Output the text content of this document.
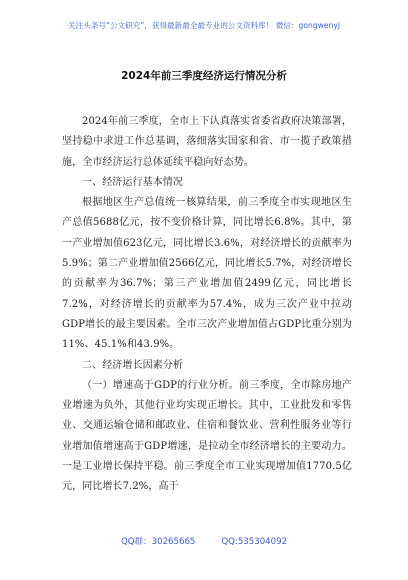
关注头条号“公文研究”，获得最新最全最专业的公文资料库！ 微信：gongwenyj
2024年前三季度经济运行情况分析

2024年前三季度，全市上下认真落实省委省政府决策部署，坚持稳中求进工作总基调，落细落实国家和省、市一揽子政策措施，全市经济运行总体延续平稳向好态势。

一、经济运行基本情况

根据地区生产总值统一核算结果，前三季度全市实现地区生产总值5688亿元，按不变价格计算，同比增长6.8%。其中，第一产业增加值623亿元，同比增长3.6%，对经济增长的贡献率为5.9%；第二产业增加值2566亿元，同比增长5.7%，对经济增长的贡献率为36.7%；第三产业增加值2499亿元，同比增长7.2%，对经济增长的贡献率为57.4%，成为三次产业中拉动GDP增长的最主要因素。全市三次产业增加值占GDP比重分别为11%、45.1%和43.9%。

二、经济增长因素分析

（一）增速高于GDP的行业分析。前三季度，全市除房地产业增速为负外，其他行业均实现正增长。其中，工业批发和零售业、交通运输仓储和邮政业、住宿和餐饮业、营利性服务业等行业增加值增速高于GDP增速，是拉动全市经济增长的主要动力。一是工业增长保持平稳。前三季度全市工业实现增加值1770.5亿元，同比增长7.2%，高于

QQ群：30265665	QQ:535304092
